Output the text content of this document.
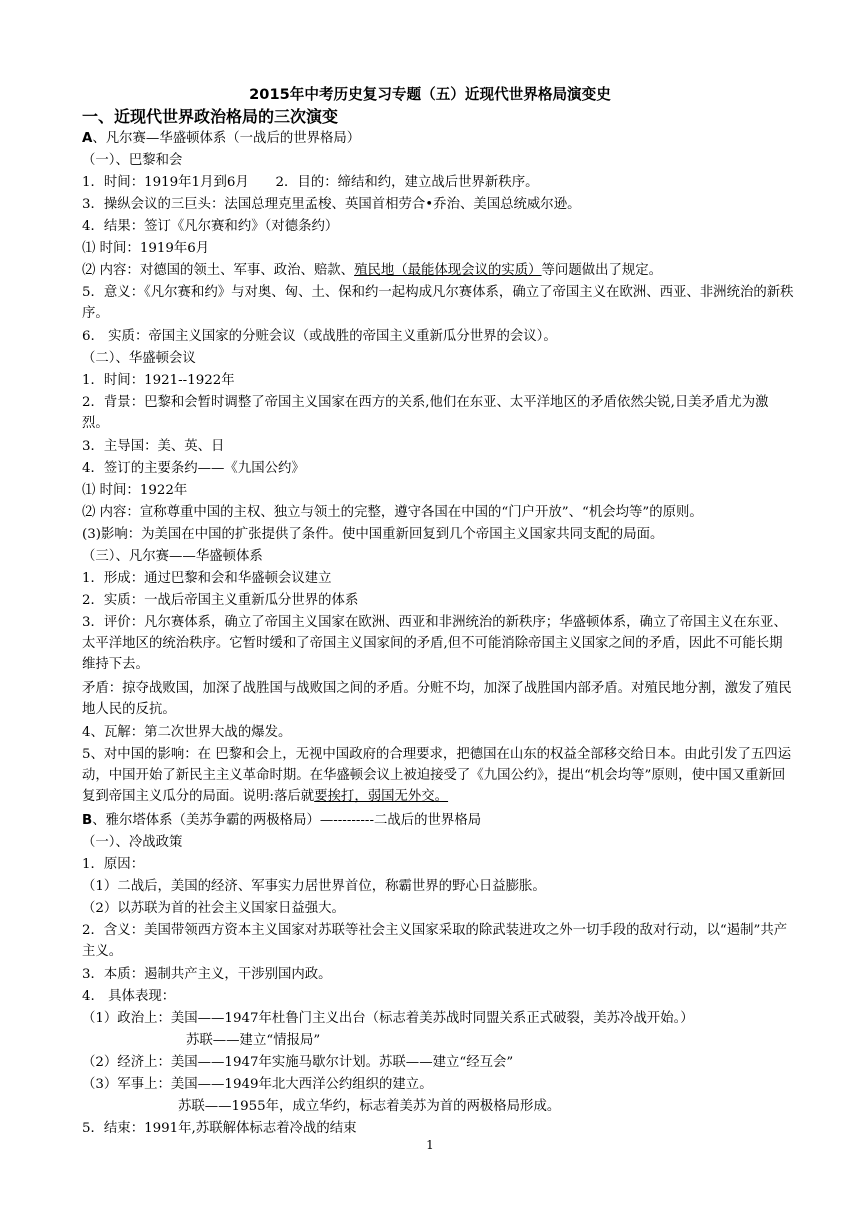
2015年中考历史复习专题（五）近现代世界格局演变史
一、近现代世界政治格局的三次演变
A、凡尔赛—华盛顿体系（一战后的世界格局）
（一）、巴黎和会
1．时间：1919年1月到6月　　2．目的：缔结和约，建立战后世界新秩序。
3．操纵会议的三巨头：法国总理克里孟梭、英国首相劳合•乔治、美国总统威尔逊。
4．结果：签订《凡尔赛和约》（对德条约）
⑴ 时间：1919年6月
⑵ 内容：对德国的领土、军事、政治、赔款、殖民地（最能体现会议的实质）等问题做出了规定。
5．意义：《凡尔赛和约》与对奥、匈、土、保和约一起构成凡尔赛体系，确立了帝国主义在欧洲、西亚、非洲统治的新秩序。
6.　实质：帝国主义国家的分赃会议（或战胜的帝国主义重新瓜分世界的会议）。
（二）、华盛顿会议
1．时间：1921--1922年
2．背景：巴黎和会暂时调整了帝国主义国家在西方的关系,他们在东亚、太平洋地区的矛盾依然尖锐,日美矛盾尤为激烈。
3．主导国：美、英、日
4．签订的主要条约——《九国公约》
⑴ 时间：1922年
⑵ 内容：宣称尊重中国的主权、独立与领土的完整，遵守各国在中国的“门户开放”、“机会均等”的原则。
(3)影响：为美国在中国的扩张提供了条件。使中国重新回复到几个帝国主义国家共同支配的局面。
（三）、凡尔赛——华盛顿体系
1．形成：通过巴黎和会和华盛顿会议建立
2．实质：一战后帝国主义重新瓜分世界的体系
3．评价：凡尔赛体系，确立了帝国主义国家在欧洲、西亚和非洲统治的新秩序；华盛顿体系，确立了帝国主义在东亚、太平洋地区的统治秩序。它暂时缓和了帝国主义国家间的矛盾,但不可能消除帝国主义国家之间的矛盾，因此不可能长期维持下去。
矛盾：掠夺战败国，加深了战胜国与战败国之间的矛盾。分赃不均，加深了战胜国内部矛盾。对殖民地分割，激发了殖民地人民的反抗。
4、瓦解：第二次世界大战的爆发。
5、对中国的影响：在 巴黎和会上，无视中国政府的合理要求，把德国在山东的权益全部移交给日本。由此引发了五四运动，中国开始了新民主主义革命时期。在华盛顿会议上被迫接受了《九国公约》，提出“机会均等”原则，使中国又重新回复到帝国主义瓜分的局面。说明:落后就要挨打，弱国无外交。
B、雅尔塔体系（美苏争霸的两极格局）—---------二战后的世界格局
（一）、冷战政策
1．原因：
（1）二战后，美国的经济、军事实力居世界首位，称霸世界的野心日益膨胀。
（2）以苏联为首的社会主义国家日益强大。
2．含义：美国带领西方资本主义国家对苏联等社会主义国家采取的除武装进攻之外一切手段的敌对行动，以“遏制”共产主义。
3．本质：遏制共产主义，干涉别国内政。
4.　具体表现：
（1）政治上：美国——1947年杜鲁门主义出台（标志着美苏战时同盟关系正式破裂，美苏冷战开始。）
苏联——建立“情报局”
（2）经济上：美国——1947年实施马歇尔计划。苏联——建立“经互会”
（3）军事上：美国——1949年北大西洋公约组织的建立。
苏联——1955年，成立华约，标志着美苏为首的两极格局形成。
5．结束：1991年,苏联解体标志着冷战的结束
1
